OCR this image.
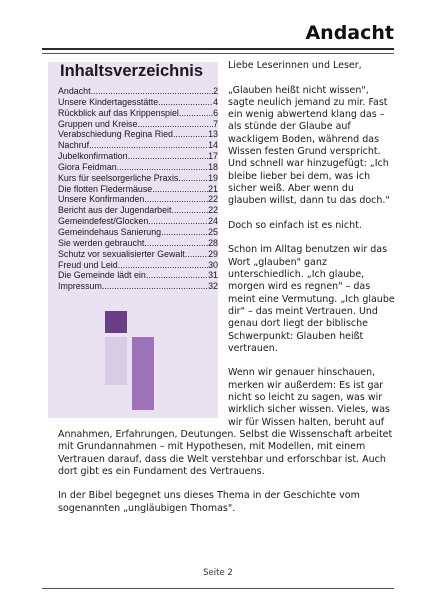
Andacht
Inhaltsverzeichnis
Andacht .....	2
Unsere Kindertagesstätte .....	4
Rückblick auf das Krippenspiel .....	6
Gruppen und Kreise .....	7
Verabschiedung Regina Ried .....	13
Nachruf .....	14
Jubelkonfirmation .....	17
Giora Feidman .....	18
Kurs für seelsorgerliche Praxis .....	19
Die flotten Fledermäuse .....	21
Unsere Konfirmanden .....	22
Bericht aus der Jugendarbeit .....	22
Gemeindefest/Glocken .....	24
Gemeindehaus Sanierung .....	25
Sie werden gebraucht .....	28
Schutz vor sexualisierter Gewalt .....	29
Freud und Leid .....	30
Die Gemeinde lädt ein .....	31
Impressum .....	32

Liebe Leserinnen und Leser,

„Glauben heißt nicht wissen", sagte neulich jemand zu mir. Fast ein wenig abwertend klang das – als stünde der Glaube auf wackligem Boden, während das Wissen festen Grund verspricht. Und schnell war hinzugefügt: „Ich bleibe lieber bei dem, was ich sicher weiß. Aber wenn du glauben willst, dann tu das doch."

Doch so einfach ist es nicht.

Schon im Alltag benutzen wir das Wort „glauben" ganz unterschiedlich. „Ich glaube, morgen wird es regnen" – das meint eine Vermutung. „Ich glaube dir" – das meint Vertrauen. Und genau dort liegt der biblische Schwerpunkt: Glauben heißt vertrauen.

Wenn wir genauer hinschauen, merken wir außerdem: Es ist gar nicht so leicht zu sagen, was wir wirklich sicher wissen. Vieles, was wir für Wissen halten, beruht auf Annahmen, Erfahrungen, Deutungen. Selbst die Wissenschaft arbeitet mit Grundannahmen – mit Hypothesen, mit Modellen, mit einem Vertrauen darauf, dass die Welt verstehbar und erforschbar ist. Auch dort gibt es ein Fundament des Vertrauens.

In der Bibel begegnet uns dieses Thema in der Geschichte vom sogenannten „ungläubigen Thomas".

Seite 2
